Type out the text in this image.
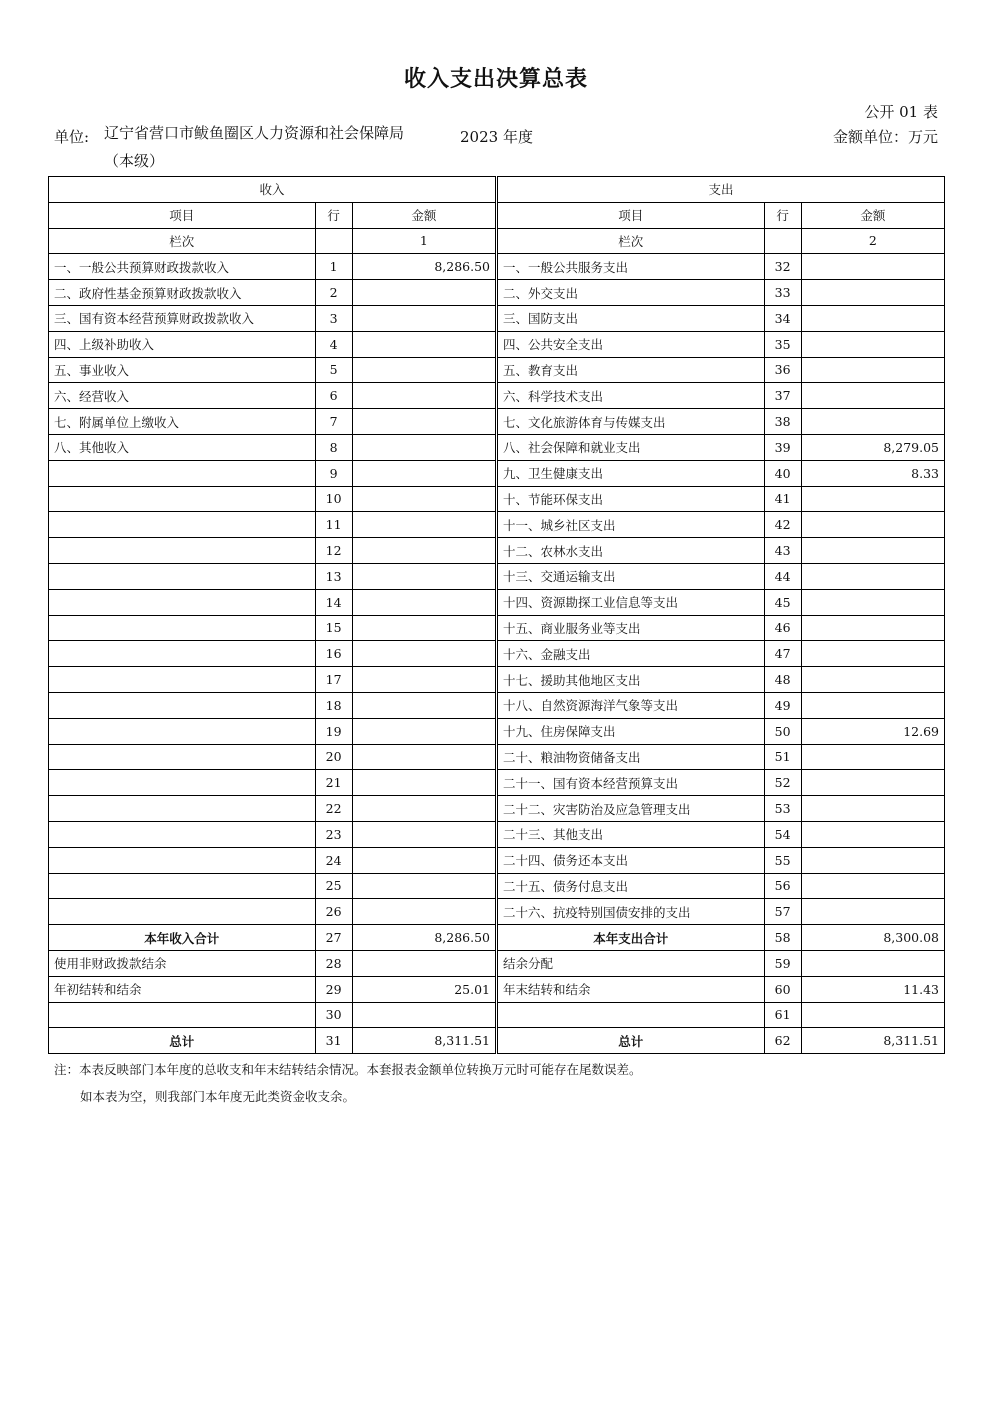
收入支出决算总表
公开 01 表
单位: 辽宁省营口市鲅鱼圈区人力资源和社会保障局（本级）
2023 年度	金额单位：万元
收入				支出		
项目	行	金额		项目	行	金额
栏次		1		栏次		2
一、一般公共预算财政拨款收入	1	8,286.50		一、一般公共服务支出	32	
二、政府性基金预算财政拨款收入	2			二、外交支出	33	
三、国有资本经营预算财政拨款收入	3			三、国防支出	34	
四、上级补助收入	4			四、公共安全支出	35	
五、事业收入	5			五、教育支出	36	
六、经营收入	6			六、科学技术支出	37	
七、附属单位上缴收入	7			七、文化旅游体育与传媒支出	38	
八、其他收入	8			八、社会保障和就业支出	39	8,279.05
	9			九、卫生健康支出	40	8.33
	10			十、节能环保支出	41	
	11			十一、城乡社区支出	42	
	12			十二、农林水支出	43	
	13			十三、交通运输支出	44	
	14			十四、资源勘探工业信息等支出	45	
	15			十五、商业服务业等支出	46	
	16			十六、金融支出	47	
	17			十七、援助其他地区支出	48	
	18			十八、自然资源海洋气象等支出	49	
	19			十九、住房保障支出	50	12.69
	20			二十、粮油物资储备支出	51	
	21			二十一、国有资本经营预算支出	52	
	22			二十二、灾害防治及应急管理支出	53	
	23			二十三、其他支出	54	
	24			二十四、债务还本支出	55	
	25			二十五、债务付息支出	56	
	26			二十六、抗疫特别国债安排的支出	57	
本年收入合计	27	8,286.50		本年支出合计	58	8,300.08
使用非财政拨款结余	28			结余分配	59	
年初结转和结余	29	25.01		年末结转和结余	60	11.43
	30				61	
总计	31	8,311.51		总计	62	8,311.51
注：本表反映部门本年度的总收支和年末结转结余情况。本套报表金额单位转换万元时可能存在尾数误差。
如本表为空，则我部门本年度无此类资金收支余。
